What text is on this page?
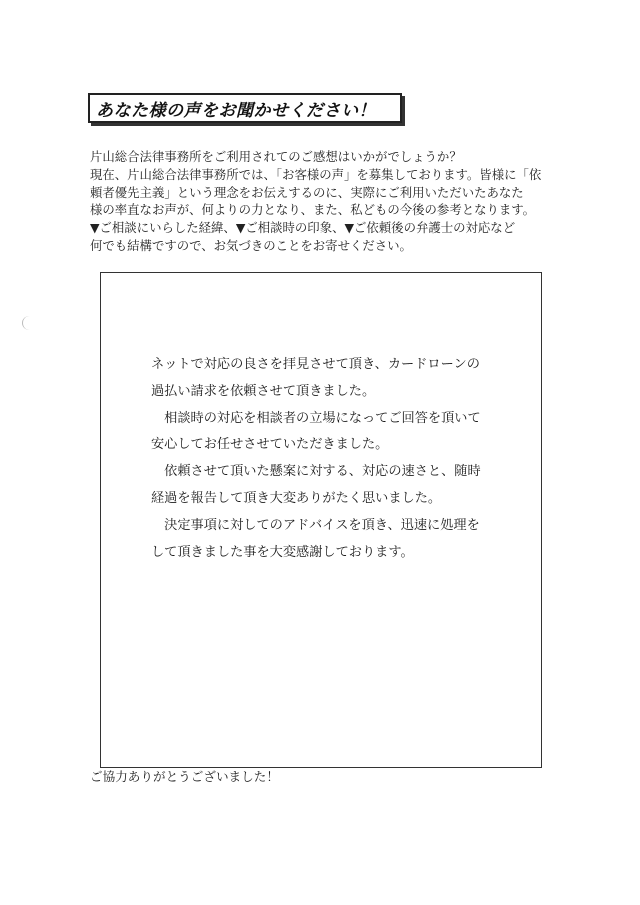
あなた様の声をお聞かせください！
片山総合法律事務所をご利用されてのご感想はいかがでしょうか？
現在、片山総合法律事務所では、「お客様の声」を募集しております。皆様に「依
頼者優先主義」という理念をお伝えするのに、実際にご利用いただいたあなた
様の率直なお声が、何よりの力となり、また、私どもの今後の参考となります。
▼ご相談にいらした経緯、▼ご相談時の印象、▼ご依頼後の弁護士の対応など
何でも結構ですので、お気づきのことをお寄せください。
ネットで対応の良さを拝見させて頂き、カードローンの
過払い請求を依頼させて頂きました。
　相談時の対応を相談者の立場になってご回答を頂いて
安心してお任せさせていただきました。
　依頼させて頂いた懸案に対する、対応の速さと、随時
経過を報告して頂き大変ありがたく思いました。
　決定事項に対してのアドバイスを頂き、迅速に処理を
して頂きました事を大変感謝しております。
ご協力ありがとうございました！
